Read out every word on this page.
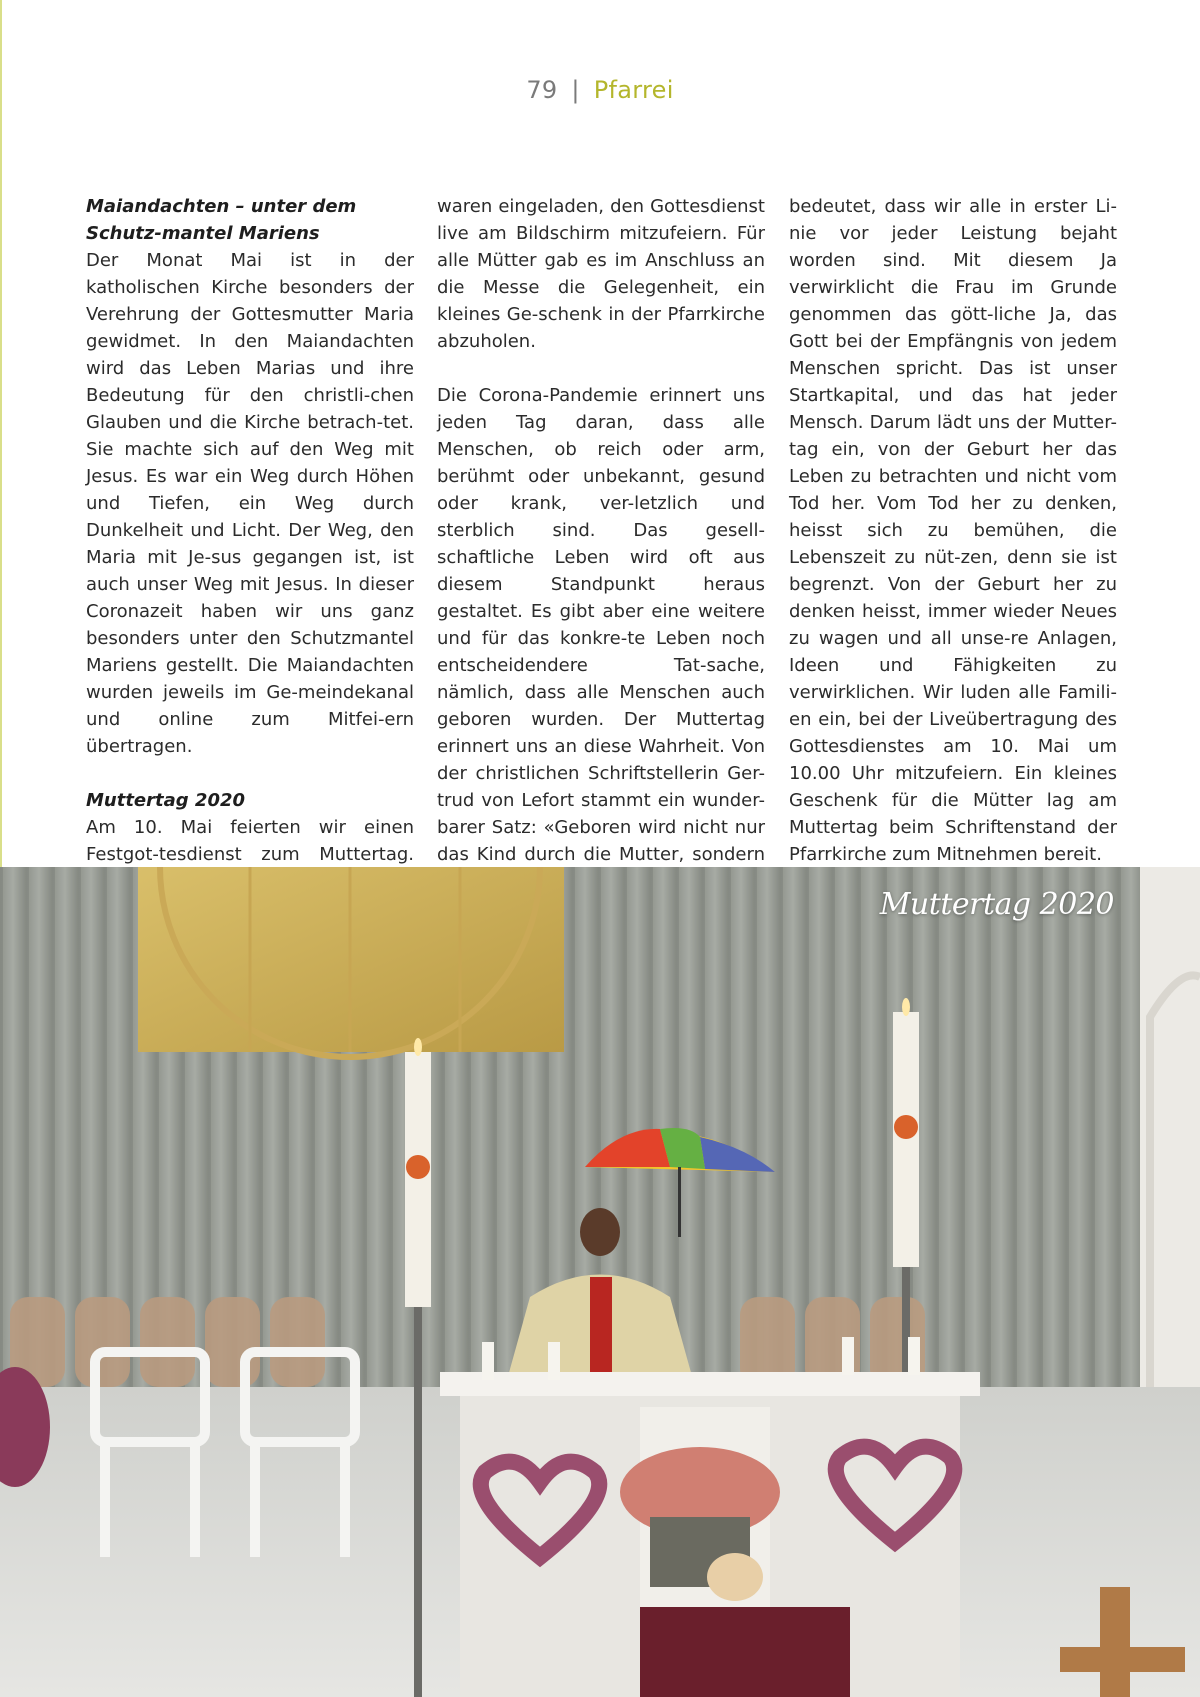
79 | Pfarrei
Maiandachten – unter dem Schutz-mantel Mariens

Der Monat Mai ist in der katholischen Kirche besonders der Verehrung der Gottesmutter Maria gewidmet. In den Maiandachten wird das Leben Marias und ihre Bedeutung für den christli-chen Glauben und die Kirche betrach-tet. Sie machte sich auf den Weg mit Jesus. Es war ein Weg durch Höhen und Tiefen, ein Weg durch Dunkelheit und Licht. Der Weg, den Maria mit Je-sus gegangen ist, ist auch unser Weg mit Jesus. In dieser Coronazeit haben wir uns ganz besonders unter den Schutzmantel Mariens gestellt. Die Maiandachten wurden jeweils im Ge-meindekanal und online zum Mitfei-ern übertragen.

Muttertag 2020

Am 10. Mai feierten wir einen Festgot-tesdienst zum Muttertag.

waren eingeladen, den Gottesdienst live am Bildschirm mitzufeiern. Für alle Mütter gab es im Anschluss an die Messe die Gelegenheit, ein kleines Ge-schenk in der Pfarrkirche abzuholen.

Die Corona-Pandemie erinnert uns jeden Tag daran, dass alle Menschen, ob reich oder arm, berühmt oder unbekannt, gesund oder krank, ver-letzlich und sterblich sind. Das gesell-schaftliche Leben wird oft aus diesem Standpunkt heraus gestaltet. Es gibt aber eine weitere und für das konkre-te Leben noch entscheidendere Tat-sache, nämlich, dass alle Menschen auch geboren wurden. Der Muttertag erinnert uns an diese Wahrheit. Von der christlichen Schriftstellerin Ger-trud von Lefort stammt ein wunder-barer Satz: «Geboren wird nicht nur das Kind durch die Mutter, sondern

bedeutet, dass wir alle in erster Li-nie vor jeder Leistung bejaht worden sind. Mit diesem Ja verwirklicht die Frau im Grunde genommen das gött-liche Ja, das Gott bei der Empfängnis von jedem Menschen spricht. Das ist unser Startkapital, und das hat jeder Mensch. Darum lädt uns der Mutter-tag ein, von der Geburt her das Leben zu betrachten und nicht vom Tod her. Vom Tod her zu denken, heisst sich zu bemühen, die Lebenszeit zu nüt-zen, denn sie ist begrenzt. Von der Geburt her zu denken heisst, immer wieder Neues zu wagen und all unse-re Anlagen, Ideen und Fähigkeiten zu verwirklichen. Wir luden alle Famili-en ein, bei der Liveübertragung des Gottesdienstes am 10. Mai um 10.00 Uhr mitzufeiern. Ein kleines Geschenk für die Mütter lag am Muttertag beim Schriftenstand der Pfarrkirche zum Mitnehmen bereit.

Muttertag 2020
